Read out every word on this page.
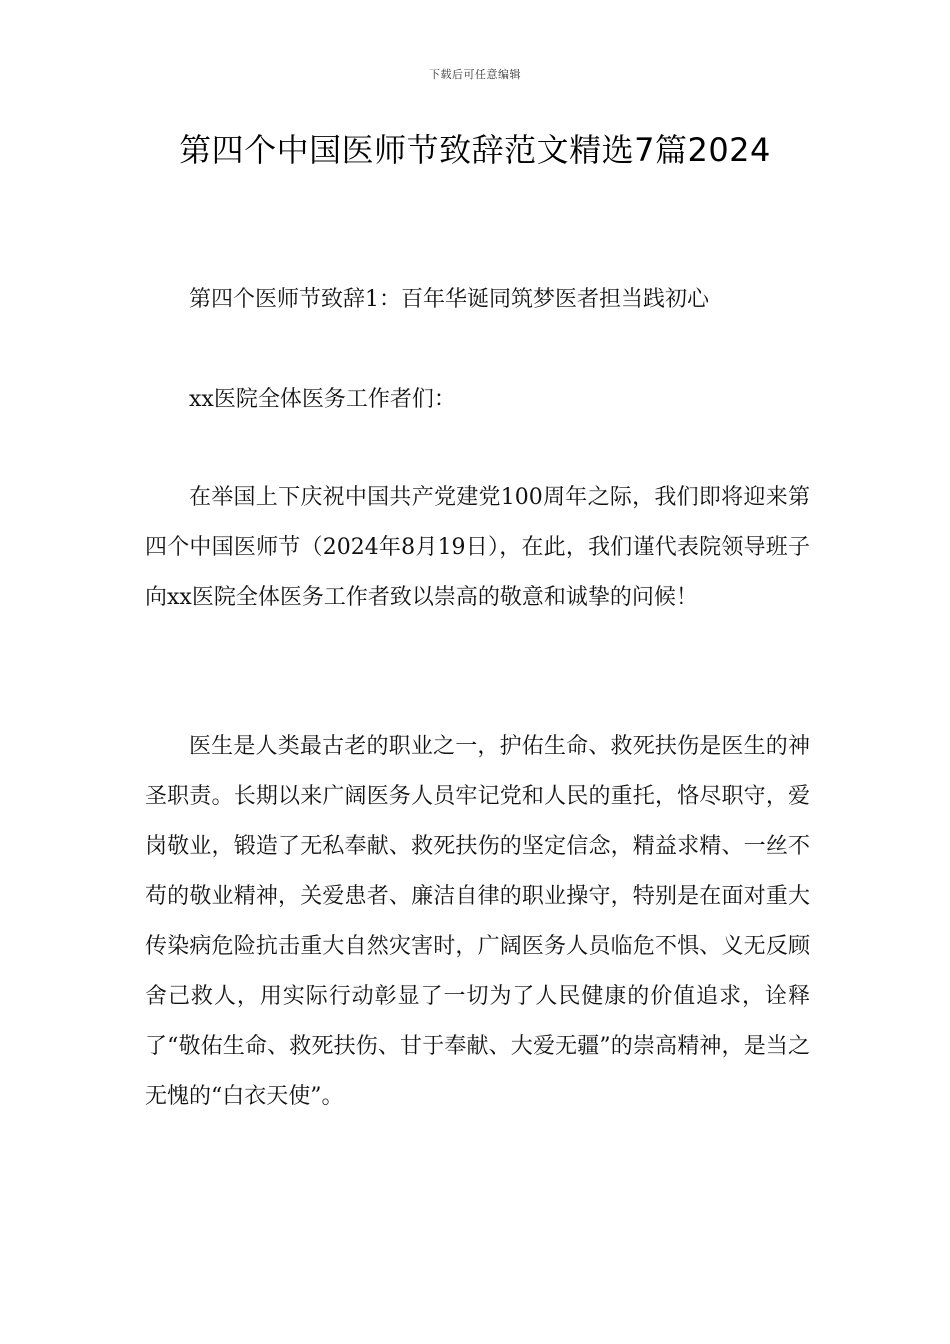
下载后可任意编辑
第四个中国医师节致辞范文精选7篇2024

第四个医师节致辞1：百年华诞同筑梦医者担当践初心

xx医院全体医务工作者们：

在举国上下庆祝中国共产党建党100周年之际，我们即将迎来第四个中国医师节（2024年8月19日），在此，我们谨代表院领导班子向xx医院全体医务工作者致以崇高的敬意和诚挚的问候！

医生是人类最古老的职业之一，护佑生命、救死扶伤是医生的神圣职责。长期以来广阔医务人员牢记党和人民的重托，恪尽职守，爱岗敬业，锻造了无私奉献、救死扶伤的坚定信念，精益求精、一丝不苟的敬业精神，关爱患者、廉洁自律的职业操守，特别是在面对重大传染病危险抗击重大自然灾害时，广阔医务人员临危不惧、义无反顾舍己救人，用实际行动彰显了一切为了人民健康的价值追求，诠释了“敬佑生命、救死扶伤、甘于奉献、大爱无疆”的崇高精神，是当之无愧的“白衣天使”。
